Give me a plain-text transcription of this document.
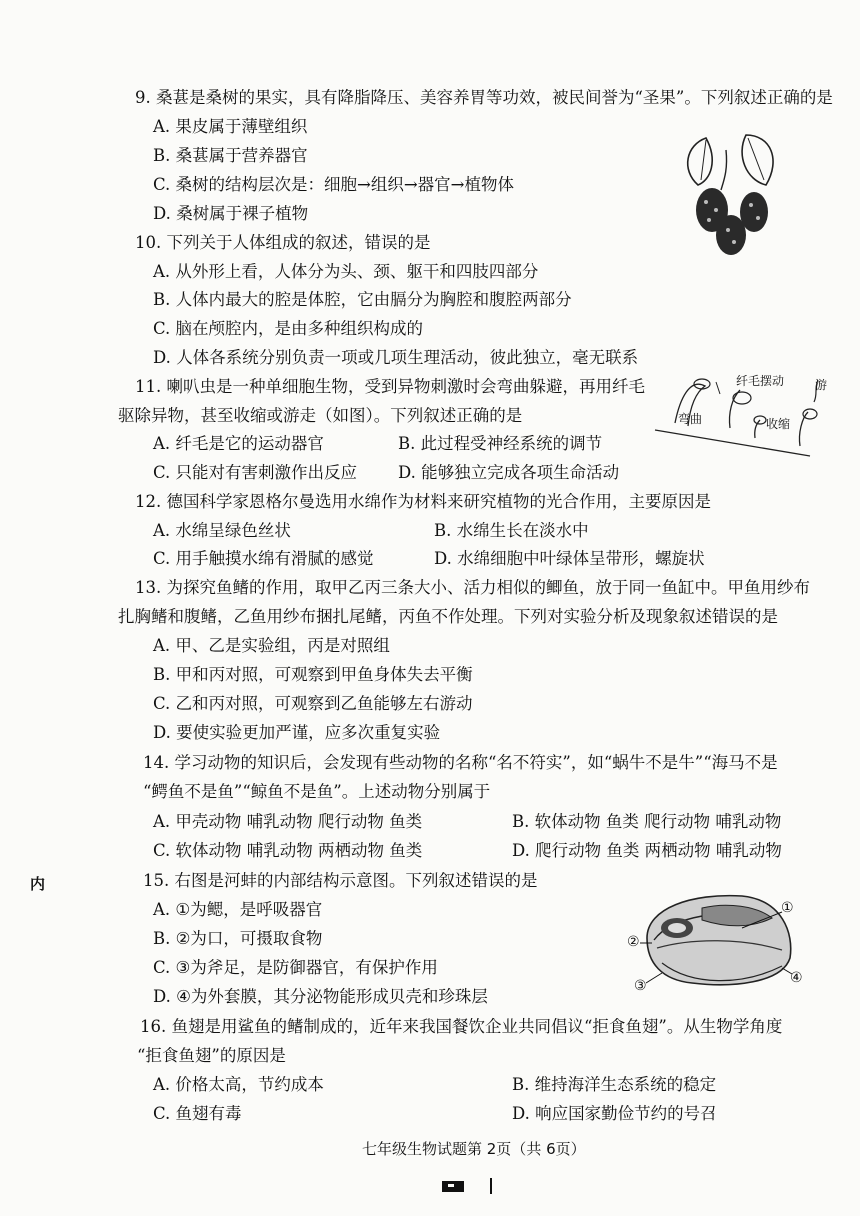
9. 桑葚是桑树的果实，具有降脂降压、美容养胃等功效，被民间誉为“圣果”。下列叙述正确的是
A. 果皮属于薄壁组织
B. 桑葚属于营养器官
C. 桑树的结构层次是：细胞→组织→器官→植物体
D. 桑树属于裸子植物
10. 下列关于人体组成的叙述，错误的是
A. 从外形上看，人体分为头、颈、躯干和四肢四部分
B. 人体内最大的腔是体腔，它由膈分为胸腔和腹腔两部分
C. 脑在颅腔内，是由多种组织构成的
D. 人体各系统分别负责一项或几项生理活动，彼此独立，毫无联系
11. 喇叭虫是一种单细胞生物，受到异物刺激时会弯曲躲避，再用纤毛
驱除异物，甚至收缩或游走（如图）。下列叙述正确的是
A. 纤毛是它的运动器官	B. 此过程受神经系统的调节
C. 只能对有害刺激作出反应 D. 能够独立完成各项生命活动
弯曲
纤毛摆动
收缩
游
12. 德国科学家恩格尔曼选用水绵作为材料来研究植物的光合作用，主要原因是
A. 水绵呈绿色丝状	B. 水绵生长在淡水中
C. 用手触摸水绵有滑腻的感觉	D. 水绵细胞中叶绿体呈带形，螺旋状
13. 为探究鱼鳍的作用，取甲乙丙三条大小、活力相似的鲫鱼，放于同一鱼缸中。甲鱼用纱布
扎胸鳍和腹鳍，乙鱼用纱布捆扎尾鳍，丙鱼不作处理。下列对实验分析及现象叙述错误的是
A. 甲、乙是实验组，丙是对照组
B. 甲和丙对照，可观察到甲鱼身体失去平衡
C. 乙和丙对照，可观察到乙鱼能够左右游动
D. 要使实验更加严谨，应多次重复实验
14. 学习动物的知识后，会发现有些动物的名称“名不符实”，如“蜗牛不是牛”“海马不是
“鳄鱼不是鱼”“鲸鱼不是鱼”。上述动物分别属于
A. 甲壳动物 哺乳动物 爬行动物 鱼类	B. 软体动物 鱼类 爬行动物 哺乳动物
C. 软体动物 哺乳动物 两栖动物 鱼类	D. 爬行动物 鱼类 两栖动物 哺乳动物
内	15. 右图是河蚌的内部结构示意图。下列叙述错误的是
A. ①为鳃，是呼吸器官
B. ②为口，可摄取食物
C. ③为斧足，是防御器官，有保护作用
D. ④为外套膜，其分泌物能形成贝壳和珍珠层
①
②
③	④
16. 鱼翅是用鲨鱼的鳍制成的，近年来我国餐饮企业共同倡议“拒食鱼翅”。从生物学角度
“拒食鱼翅”的原因是
A. 价格太高，节约成本	B. 维持海洋生态系统的稳定
C. 鱼翅有毒	D. 响应国家勤俭节约的号召
七年级生物试题第 2页（共 6页）
